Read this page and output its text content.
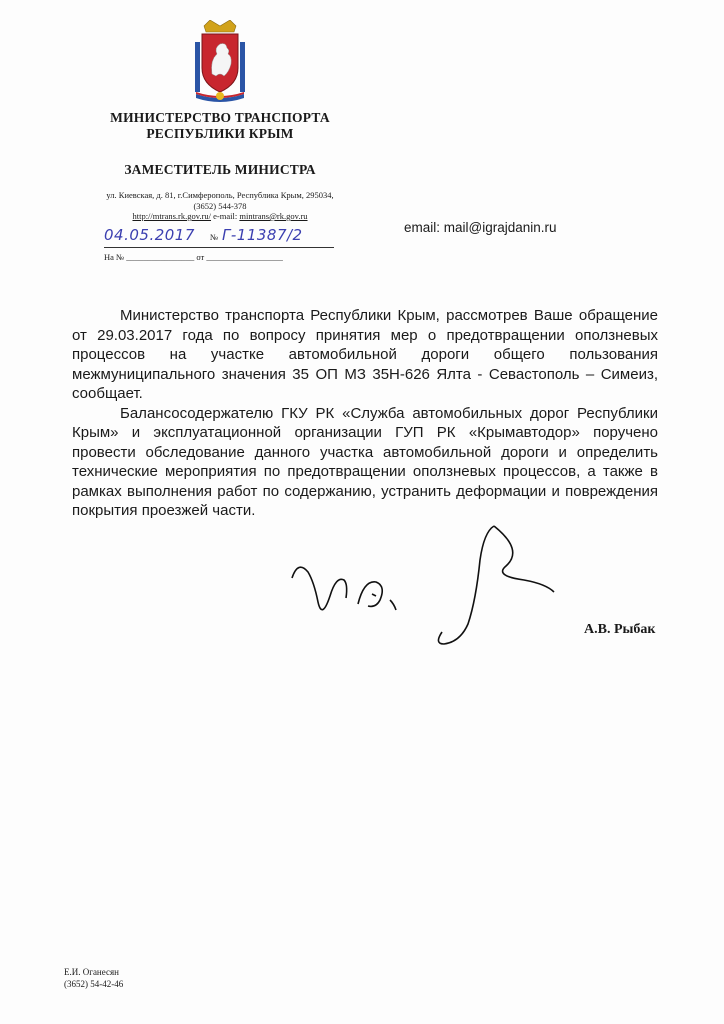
МИНИСТЕРСТВО ТРАНСПОРТА
РЕСПУБЛИКИ КРЫМ
ЗАМЕСТИТЕЛЬ МИНИСТРА
ул. Киевская, д. 81, г.Симферополь, Республика Крым, 295034,
(3652) 544-378
http://mtrans.rk.gov.ru/ e-mail: mintrans@rk.gov.ru
04.05.2017 № Г-11387/2
На № ________________ от __________________
email: mail@igrajdanin.ru

Министерство транспорта Республики Крым, рассмотрев Ваше обращение от 29.03.2017 года по вопросу принятия мер о предотвращении оползневых процессов на участке автомобильной дороги общего пользования межмуниципального значения 35 ОП МЗ 35Н-626 Ялта - Севастополь – Симеиз, сообщает.

Балансосодержателю ГКУ РК «Служба автомобильных дорог Республики Крым» и эксплуатационной организации ГУП РК «Крымавтодор» поручено провести обследование данного участка автомобильной дороги и определить технические мероприятия по предотвращении оползневых процессов, а также в рамках выполнения работ по содержанию, устранить деформации и повреждения покрытия проезжей части.

А.В. Рыбак
Е.И. Оганесян
(3652) 54-42-46
